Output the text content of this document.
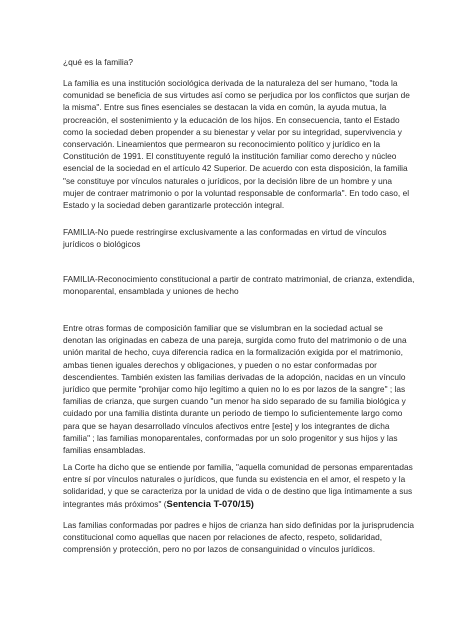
¿qué es la familia?

La familia es una institución sociológica derivada de la naturaleza del ser humano, "toda la comunidad se beneficia de sus virtudes así como se perjudica por los conflictos que surjan de la misma". Entre sus fines esenciales se destacan la vida en común, la ayuda mutua, la procreación, el sostenimiento y la educación de los hijos. En consecuencia, tanto el Estado como la sociedad deben propender a su bienestar y velar por su integridad, supervivencia y conservación. Lineamientos que permearon su reconocimiento político y jurídico en la Constitución de 1991. El constituyente reguló la institución familiar como derecho y núcleo esencial de la sociedad en el artículo 42 Superior. De acuerdo con esta disposición, la familia "se constituye por vínculos naturales o jurídicos, por la decisión libre de un hombre y una mujer de contraer matrimonio o por la voluntad responsable de conformarla". En todo caso, el Estado y la sociedad deben garantizarle protección integral.

FAMILIA-No puede restringirse exclusivamente a las conformadas en virtud de vínculos jurídicos o biológicos

FAMILIA-Reconocimiento constitucional a partir de contrato matrimonial, de crianza, extendida, monoparental, ensamblada y uniones de hecho

Entre otras formas de composición familiar que se vislumbran en la sociedad actual se denotan las originadas en cabeza de una pareja, surgida como fruto del matrimonio o de una unión marital de hecho, cuya diferencia radica en la formalización exigida por el matrimonio, ambas tienen iguales derechos y obligaciones, y pueden o no estar conformadas por descendientes. También existen las familias derivadas de la adopción, nacidas en un vínculo jurídico que permite "prohijar como hijo legítimo a quien no lo es por lazos de la sangre" ; las familias de crianza, que surgen cuando "un menor ha sido separado de su familia biológica y cuidado por una familia distinta durante un periodo de tiempo lo suficientemente largo como para que se hayan desarrollado vínculos afectivos entre [este] y los integrantes de dicha familia" ; las familias monoparentales, conformadas por un solo progenitor y sus hijos y las familias ensambladas.

La Corte ha dicho que se entiende por familia, "aquella comunidad de personas emparentadas entre sí por vínculos naturales o jurídicos, que funda su existencia en el amor, el respeto y la solidaridad, y que se caracteriza por la unidad de vida o de destino que liga íntimamente a sus integrantes más próximos" (Sentencia T-070/15)

Las familias conformadas por padres e hijos de crianza han sido definidas por la jurisprudencia constitucional como aquellas que nacen por relaciones de afecto, respeto, solidaridad, comprensión y protección, pero no por lazos de consanguinidad o vínculos jurídicos.
